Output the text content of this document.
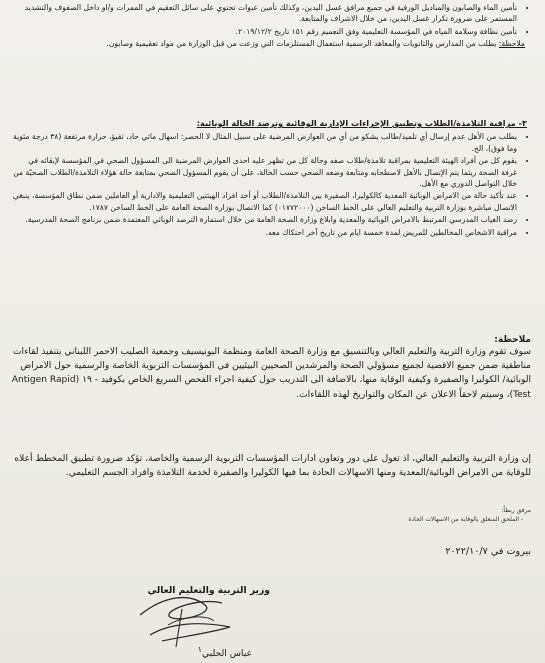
• تأمين الماء والصابون والمناديل الورقية في جميع مرافق غسل اليدين، وكذلك تأمين عبوات تحتوي على سائل التعقيم في الممرات و/او داخل الصفوف والتشديد المستمر على ضرورة تكرار غسل اليدين، من خلال الاشراف والمتابعة.
• تأمين نظافة وسلامة المياه في المؤسسة التعليمية وفق التعميم رقم ١٥١ تاريخ ٢٠١٩/١٢/٢.
ملاحظة: يطلب من المدارس والثانويات والمعاهد الرسمية استعمال المستلزمات التي وزعت من قبل الوزارة من مواد تعقيمية وصابون.
٣- مراقبة التلامذة/الطلاب وتطبيق الإجراءات الإدارية الوقائية وترصد الحالة الوبائية:
• يطلب من الأهل عدم إرسال أي تلميذ/طالب يشكو من أي من العوارض المرضية على سبيل المثال لا الحصر: اسهال مائي حاد، تقيؤ، حرارة مرتفعة (٣٨ درجة مئوية وما فوق)، الخ.
• يقوم كل من أفراد الهيئة التعليمية بمراقبة تلامذة/طلاب صفه وحالة كل من تظهر عليه احدى العوارض المرضية الى المسؤول الصحي في المؤسسة لإبقائه في غرفة الصحة ريثما يتم الإتصال بالأهل لاصطحابه ومتابعة وضعه الصحي حسب الحالة، على أن يقوم المسؤول الصحي بمتابعة حالة هؤلاء التلامذة/الطلاب الصحيّة من خلال التواصل الدوري مع الأهل.
• عند تأكيد حالة من الامراض الوبائية المعدية كالكوليرا، الصفيرة بين التلامذة/الطلاب أو أحد افراد الهيئتين التعليمية والادارية أو العاملين ضمن نطاق المؤسسة، ينبغي الاتصال مباشرة بوزارة التربية والتعليم العالي على الخط الساخن (٠١٧٧٢٠٠٠) كما الاتصال بوزارة الصحة العامة على الخط الساخن ١٧٨٧.
• رصد الغياب المدرسي المرتبط بالامراض الوبائية والمعدية وابلاغ وزارة الصحة العامة من خلال استمارة الترصد الوبائي المعتمدة ضمن برنامج الصحة المدرسية.
• مراقبة الاشخاص المخالطين للمريض لمدة خمسة ايام من تاريخ آخر احتكاك معه.
ملاحظة:
سوف تقوم وزارة التربية والتعليم العالي وبالتنسيق مع وزارة الصحة العامة ومنظمة اليونيسيف وجمعية الصليب الاحمر اللبناني بتنفيذ لقاءات مناطقية ضمن جميع الاقضية لجميع مسؤولي الصحة والمرشدين الصحيين البيئيين في المؤسسات التربوية الخاصة والرسمية حول الامراض الوبائية/ الكوليرا والصفيرة وكيفية الوقاية منها، بالاضافة الى التدريب حول كيفية اجراء الفحص السريع الخاص بكوفيد - ١٩ (Antigen Rapid Test)، وسيتم لاحقاً الاعلان عن المكان والتواريخ لهذه اللقاءات.
إن وزارة التربية والتعليم العالي، اذ تعول على دور وتعاون ادارات المؤسسات التربوية الرسمية والخاصة، تؤكد ضرورة تطبيق المخطط أعلاه للوقاية من الامراض الوبائية/المعدية ومنها الاسهالات الحادة بما فيها الكوليرا والصفيرة لخدمة التلامذة وافراد الجسم التعليمي.
مرفق ربطاً:
- الملحق المتعلق بالوقاية من الاسهالات الحادة
بيروت في ٢٠٢٢/١٠/٧
وزير التربية والتعليم العالي
١ عباس الحلبي
